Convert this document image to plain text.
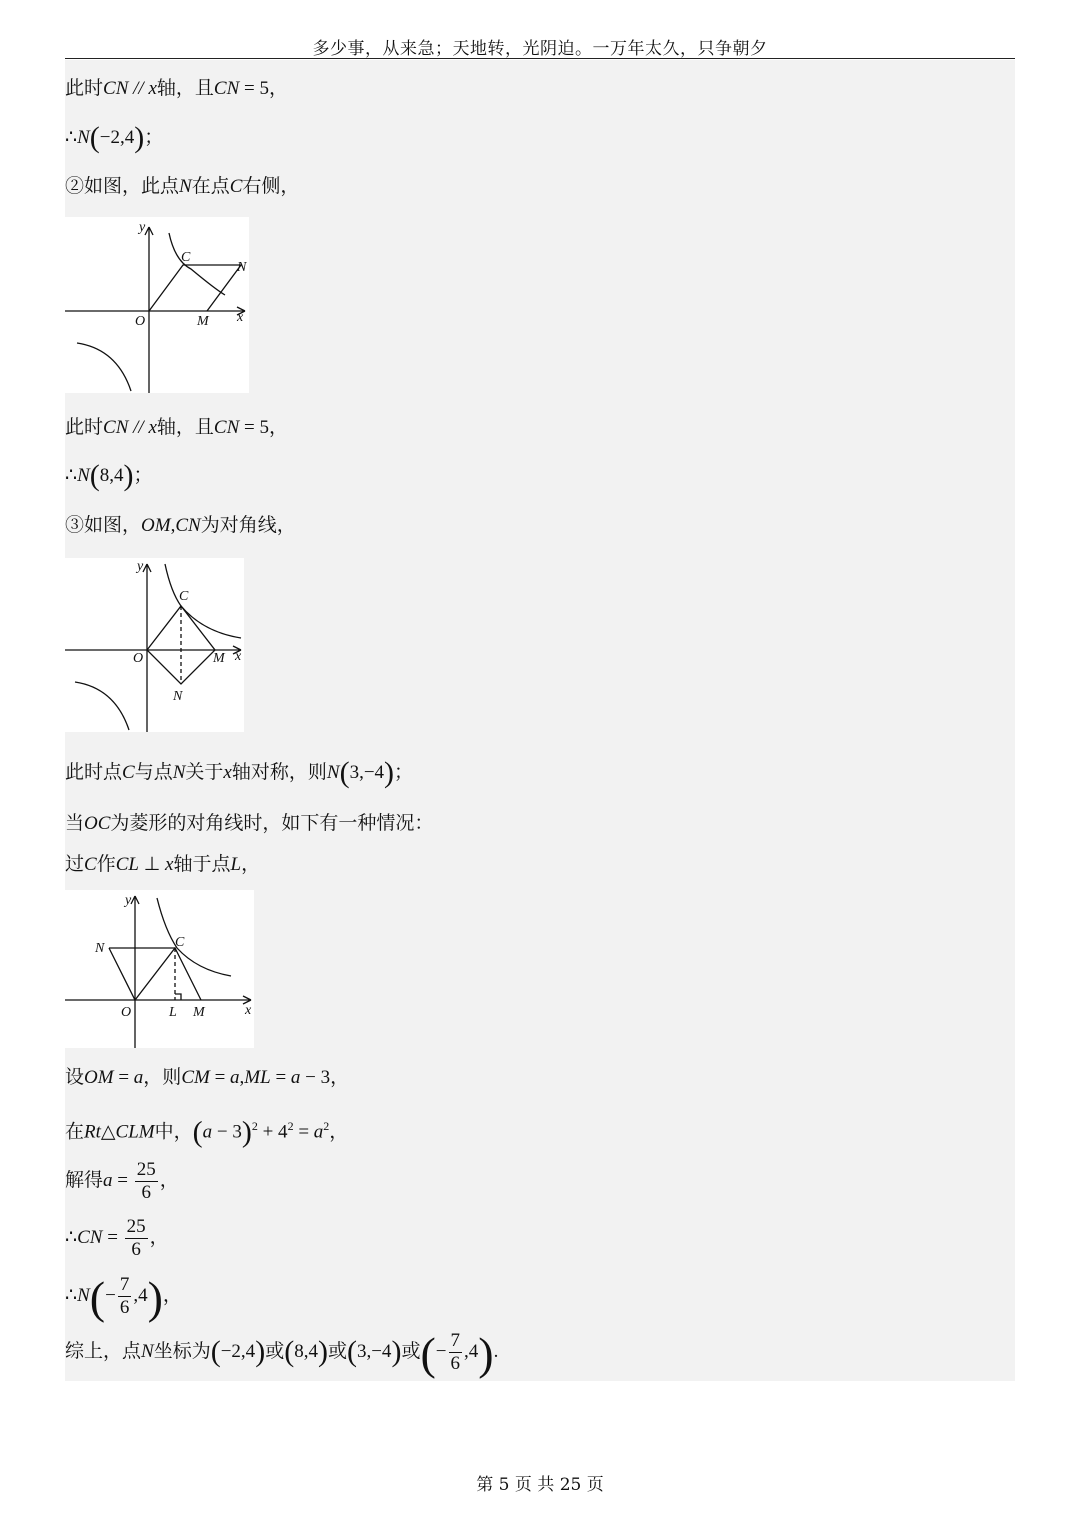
多少事，从来急；天地转，光阴迫。一万年太久，只争朝夕
此时CN // x轴，且CN = 5，
∴N(−2,4)；
②如图，此点N在点C右侧，
y
x
O
C
N
M
此时CN // x轴，且CN = 5，
∴N(8,4)；
③如图，OM,CN为对角线，
y
x
O
C
M
N
此时点C与点N关于x轴对称，则N(3,−4)；
当OC为菱形的对角线时，如下有一种情况：
过C作CL ⊥ x轴于点L，
y
x
O
C
N
L M
设OM = a，则CM = a,ML = a − 3，
在Rt△CLM中，$(a - 3)^2 + 4^2 = a^2$，
解得$a = \frac{25}{6}$ ，
∴CN = $\frac{25}{6}$ ，
∴N(− $\frac{7}{6} ,4$)，
综上，点N坐标为(−2,4)或(8,4)或(3,−4)或(− $\frac{7}{6} ,4$).
第 5 页 共 25 页
